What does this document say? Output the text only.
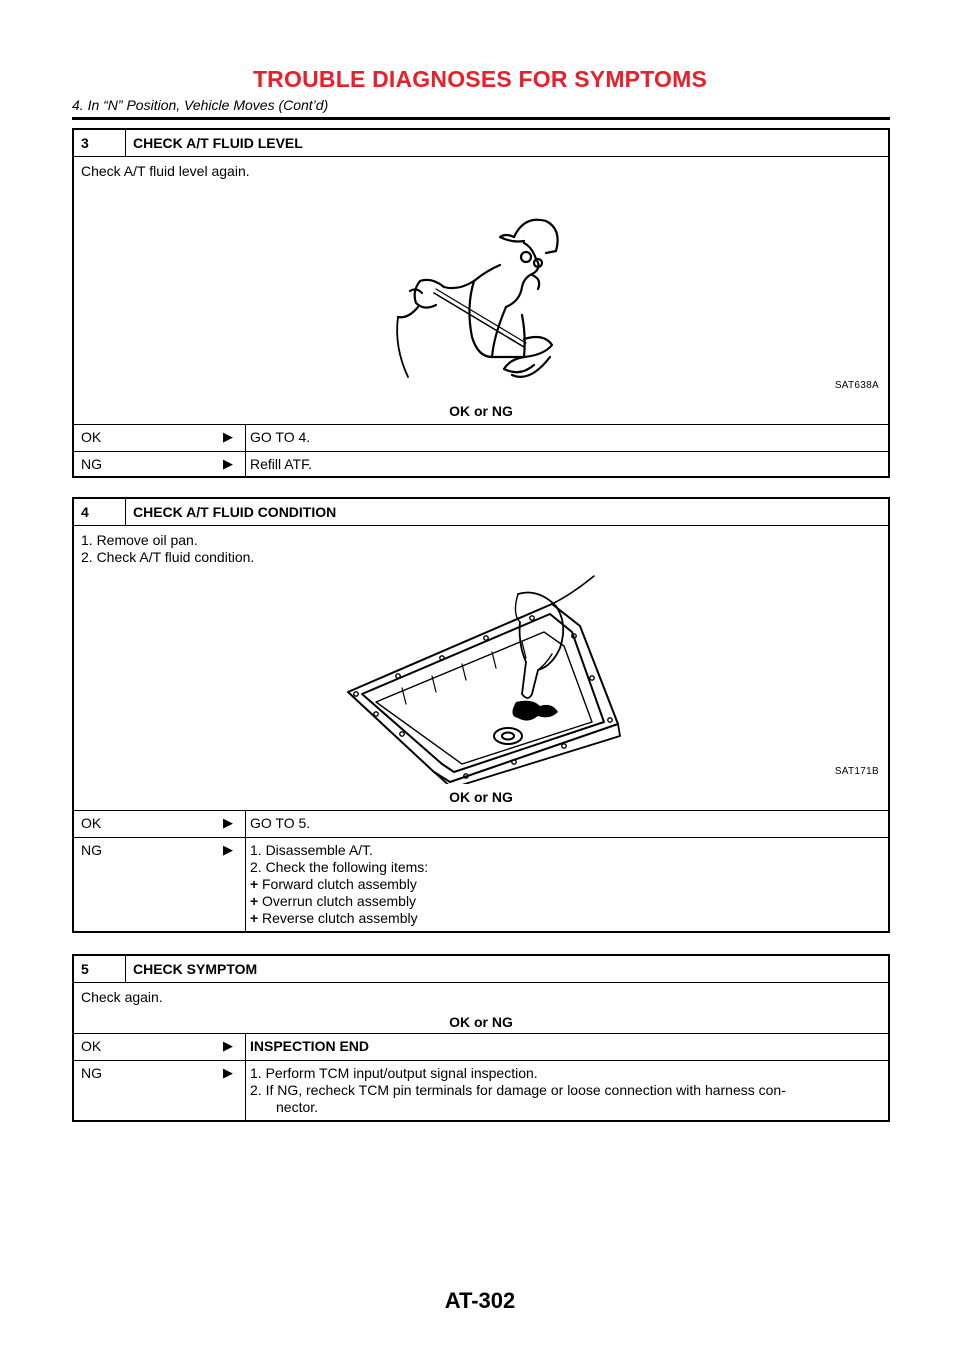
TROUBLE DIAGNOSES FOR SYMPTOMS
4. In “N” Position, Vehicle Moves (Cont’d)
3	CHECK A/T FLUID LEVEL
Check A/T fluid level again.
SAT638A
OK or NG
OK	▶	GO TO 4.
NG	▶	Refill ATF.
4	CHECK A/T FLUID CONDITION
1. Remove oil pan.
2. Check A/T fluid condition.
SAT171B
OK or NG
OK	▶	GO TO 5.
NG	▶	1. Disassemble A/T.
2. Check the following items:
+ Forward clutch assembly
+ Overrun clutch assembly
+ Reverse clutch assembly
5	CHECK SYMPTOM
Check again.
OK or NG
OK	▶	INSPECTION END
NG	▶	1. Perform TCM input/output signal inspection.
2. If NG, recheck TCM pin terminals for damage or loose connection with harness con-
nector.
AT-302
